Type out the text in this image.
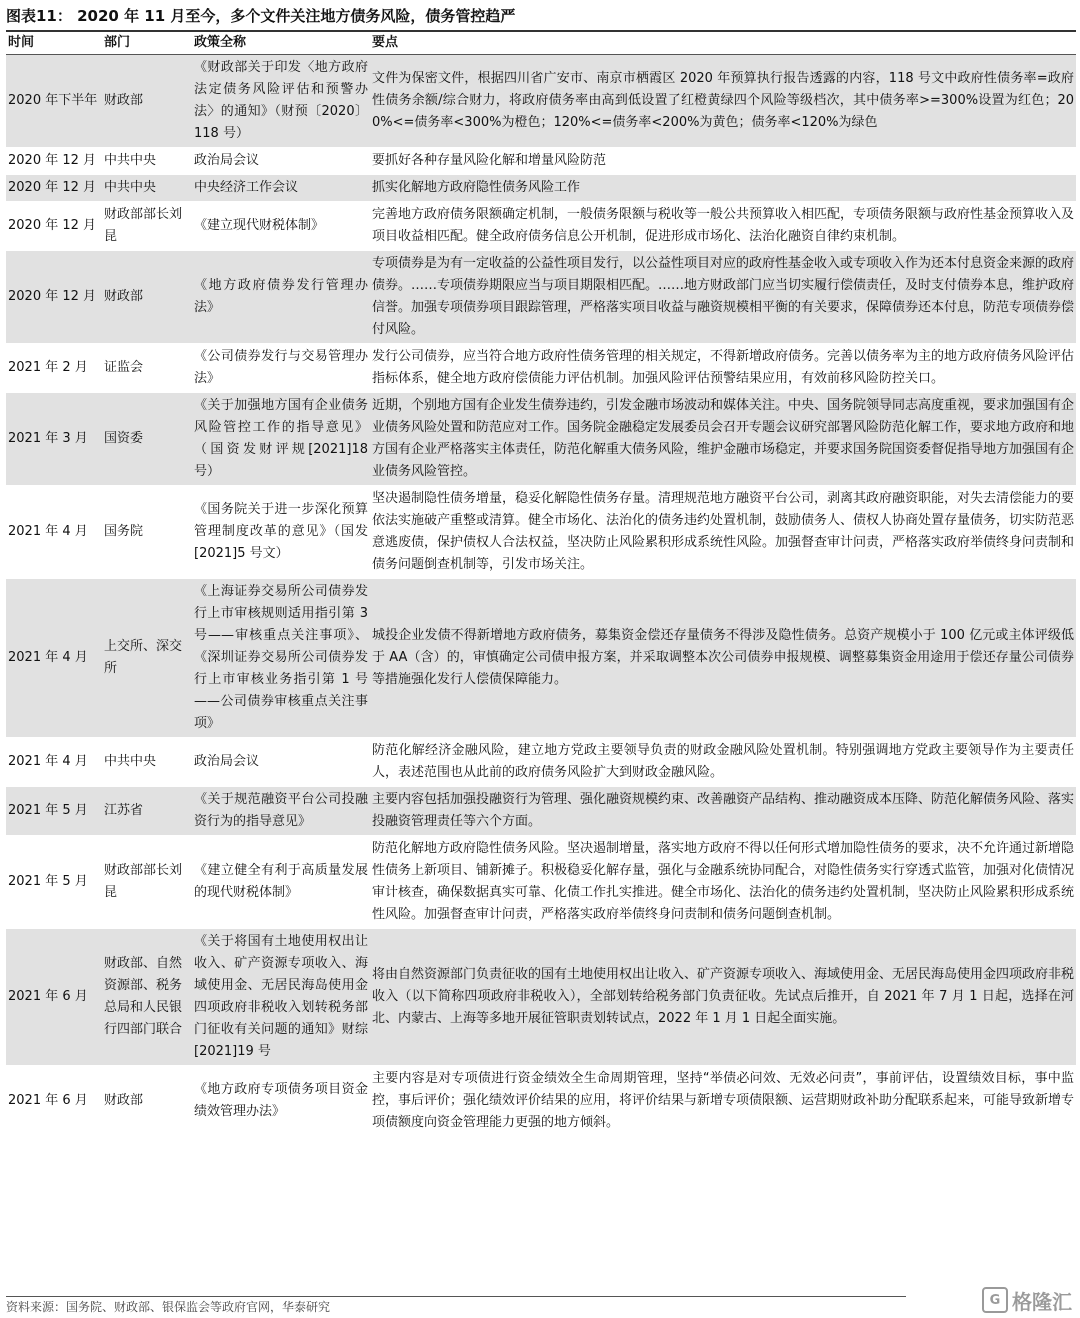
图表11： 2020 年 11 月至今，多个文件关注地方债务风险，债务管控趋严
时间	部门	政策全称	要点
2020 年下半年	财政部	《财政部关于印发〈地方政府法定债务风险评估和预警办法〉的通知》（财预〔2020〕118 号）	文件为保密文件，根据四川省广安市、南京市栖霞区 2020 年预算执行报告透露的内容，118 号文中政府性债务率=政府性债务余额/综合财力，将政府债务率由高到低设置了红橙黄绿四个风险等级档次，其中债务率>=300%设置为红色；200%<=债务率<300%为橙色；120%<=债务率<200%为黄色；债务率<120%为绿色
2020 年 12 月	中共中央	政治局会议	要抓好各种存量风险化解和增量风险防范
2020 年 12 月	中共中央	中央经济工作会议	抓实化解地方政府隐性债务风险工作
2020 年 12 月	财政部部长刘昆	《建立现代财税体制》	完善地方政府债务限额确定机制，一般债务限额与税收等一般公共预算收入相匹配，专项债务限额与政府性基金预算收入及项目收益相匹配。健全政府债务信息公开机制，促进形成市场化、法治化融资自律约束机制。
2020 年 12 月	财政部	《地方政府债券发行管理办法》	专项债券是为有一定收益的公益性项目发行，以公益性项目对应的政府性基金收入或专项收入作为还本付息资金来源的政府债券。……专项债券期限应当与项目期限相匹配。……地方财政部门应当切实履行偿债责任，及时支付债券本息，维护政府信誉。加强专项债券项目跟踪管理，严格落实项目收益与融资规模相平衡的有关要求，保障债券还本付息，防范专项债券偿付风险。
2021 年 2 月	证监会	《公司债券发行与交易管理办法》	发行公司债券，应当符合地方政府性债务管理的相关规定，不得新增政府债务。完善以债务率为主的地方政府债务风险评估指标体系，健全地方政府偿债能力评估机制。加强风险评估预警结果应用，有效前移风险防控关口。
2021 年 3 月	国资委	《关于加强地方国有企业债务风险管控工作的指导意见》（国资发财评规[2021]18 号）	近期，个别地方国有企业发生债券违约，引发金融市场波动和媒体关注。中央、国务院领导同志高度重视，要求加强国有企业债务风险处置和防范应对工作。国务院金融稳定发展委员会召开专题会议研究部署风险防范化解工作，要求地方政府和地方国有企业严格落实主体责任，防范化解重大债务风险，维护金融市场稳定，并要求国务院国资委督促指导地方加强国有企业债务风险管控。
2021 年 4 月	国务院	《国务院关于进一步深化预算管理制度改革的意见》（国发[2021]5 号文）	坚决遏制隐性债务增量，稳妥化解隐性债务存量。清理规范地方融资平台公司，剥离其政府融资职能，对失去清偿能力的要依法实施破产重整或清算。健全市场化、法治化的债务违约处置机制，鼓励债务人、债权人协商处置存量债务，切实防范恶意逃废债，保护债权人合法权益，坚决防止风险累积形成系统性风险。加强督查审计问责，严格落实政府举债终身问责制和债务问题倒查机制等，引发市场关注。
2021 年 4 月	上交所、深交所	《上海证券交易所公司债券发行上市审核规则适用指引第 3 号——审核重点关注事项》、《深圳证券交易所公司债券发行上市审核业务指引第 1 号——公司债券审核重点关注事项》	城投企业发债不得新增地方政府债务，募集资金偿还存量债务不得涉及隐性债务。总资产规模小于 100 亿元或主体评级低于 AA（含）的，审慎确定公司债申报方案，并采取调整本次公司债券申报规模、调整募集资金用途用于偿还存量公司债券等措施强化发行人偿债保障能力。
2021 年 4 月	中共中央	政治局会议	防范化解经济金融风险，建立地方党政主要领导负责的财政金融风险处置机制。特别强调地方党政主要领导作为主要责任人，表述范围也从此前的政府债务风险扩大到财政金融风险。
2021 年 5 月	江苏省	《关于规范融资平台公司投融资行为的指导意见》	主要内容包括加强投融资行为管理、强化融资规模约束、改善融资产品结构、推动融资成本压降、防范化解债务风险、落实投融资管理责任等六个方面。
2021 年 5 月	财政部部长刘昆	《建立健全有利于高质量发展的现代财税体制》	防范化解地方政府隐性债务风险。坚决遏制增量，落实地方政府不得以任何形式增加隐性债务的要求，决不允许通过新增隐性债务上新项目、铺新摊子。积极稳妥化解存量，强化与金融系统协同配合，对隐性债务实行穿透式监管，加强对化债情况审计核查，确保数据真实可靠、化债工作扎实推进。健全市场化、法治化的债务违约处置机制，坚决防止风险累积形成系统性风险。加强督查审计问责，严格落实政府举债终身问责制和债务问题倒查机制。
2021 年 6 月	财政部、自然资源部、税务总局和人民银行四部门联合	《关于将国有土地使用权出让收入、矿产资源专项收入、海域使用金、无居民海岛使用金四项政府非税收入划转税务部门征收有关问题的通知》财综[2021]19 号	将由自然资源部门负责征收的国有土地使用权出让收入、矿产资源专项收入、海域使用金、无居民海岛使用金四项政府非税收入（以下简称四项政府非税收入），全部划转给税务部门负责征收。先试点后推开，自 2021 年 7 月 1 日起，选择在河北、内蒙古、上海等多地开展征管职责划转试点，2022 年 1 月 1 日起全面实施。
2021 年 6 月	财政部	《地方政府专项债务项目资金绩效管理办法》	主要内容是对专项债进行资金绩效全生命周期管理，坚持“举债必问效、无效必问责”，事前评估，设置绩效目标，事中监控，事后评价；强化绩效评价结果的应用，将评价结果与新增专项债限额、运营期财政补助分配联系起来，可能导致新增专项债额度向资金管理能力更强的地方倾斜。
资料来源：国务院、财政部、银保监会等政府官网，华泰研究	G 格隆汇
